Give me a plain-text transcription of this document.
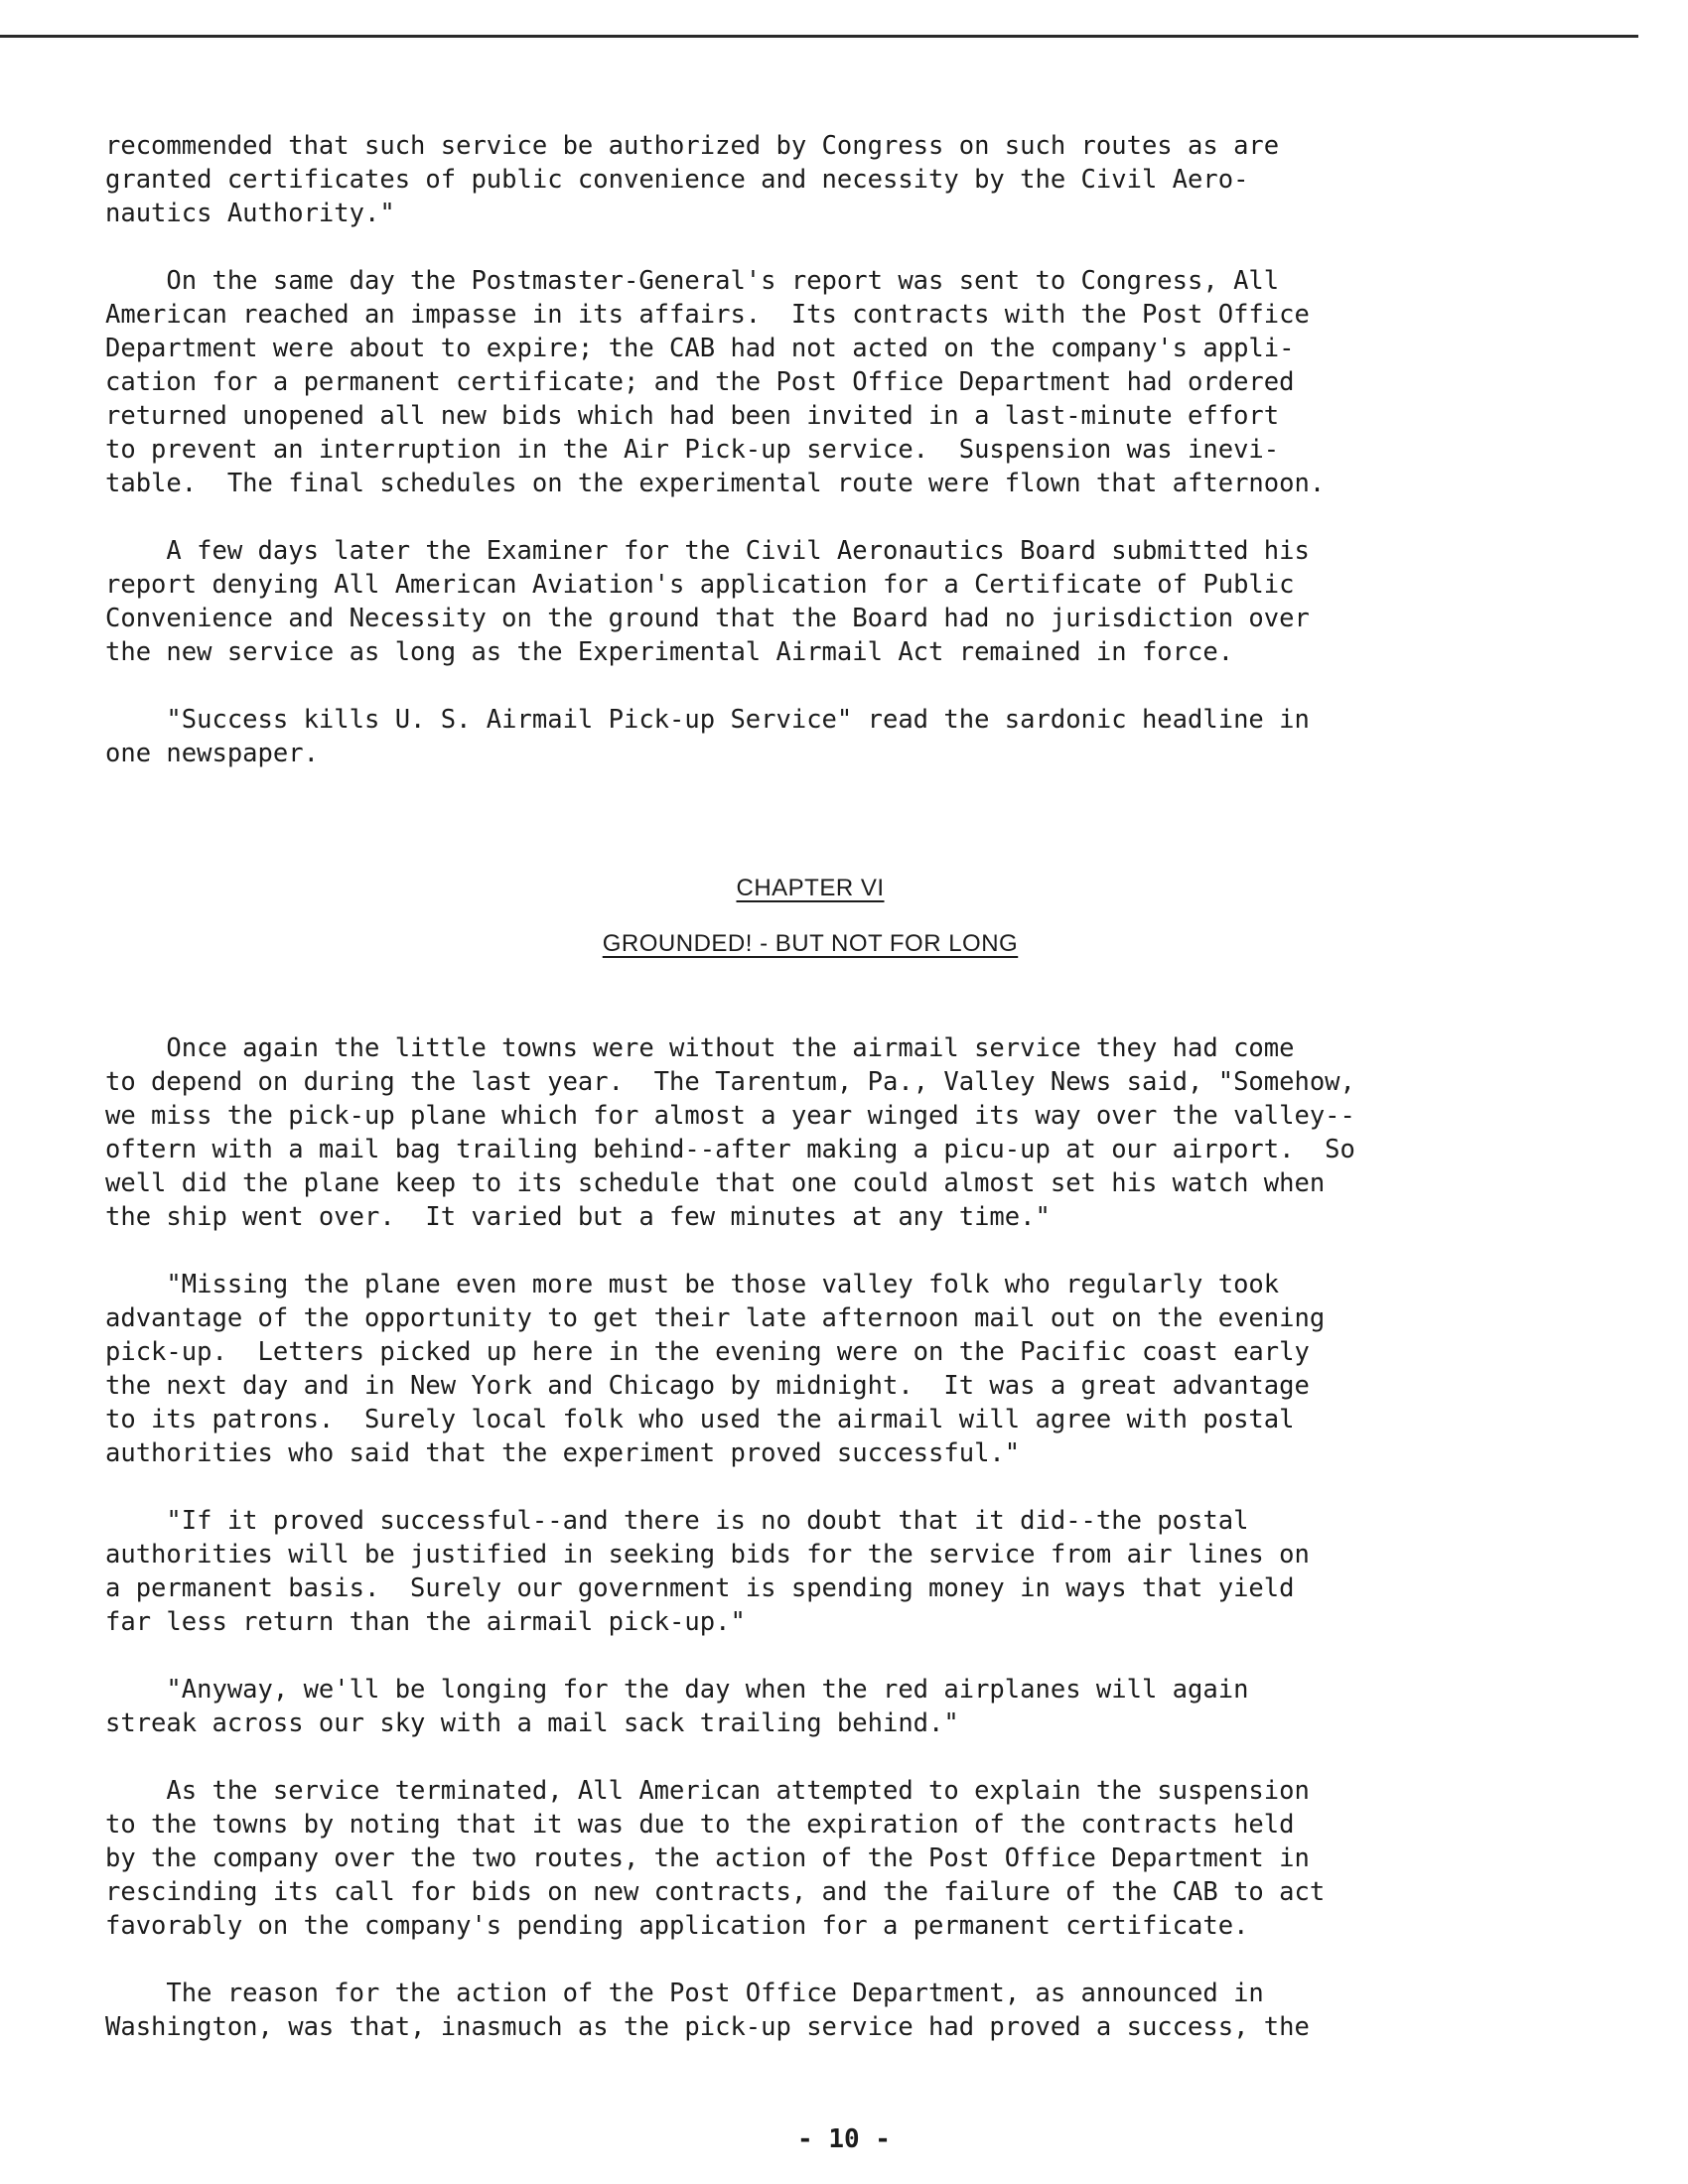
recommended that such service be authorized by Congress on such routes as are
granted certificates of public convenience and necessity by the Civil Aero-
nautics Authority."

On the same day the Postmaster-General's report was sent to Congress, All
American reached an impasse in its affairs.  Its contracts with the Post Office
Department were about to expire; the CAB had not acted on the company's appli-
cation for a permanent certificate; and the Post Office Department had ordered
returned unopened all new bids which had been invited in a last-minute effort
to prevent an interruption in the Air Pick-up service.  Suspension was inevi-
table.  The final schedules on the experimental route were flown that afternoon.

A few days later the Examiner for the Civil Aeronautics Board submitted his
report denying All American Aviation's application for a Certificate of Public
Convenience and Necessity on the ground that the Board had no jurisdiction over
the new service as long as the Experimental Airmail Act remained in force.

"Success kills U. S. Airmail Pick-up Service" read the sardonic headline in
one newspaper.

CHAPTER VI

GROUNDED! - BUT NOT FOR LONG

Once again the little towns were without the airmail service they had come
to depend on during the last year.  The Tarentum, Pa., Valley News said, "Somehow,
we miss the pick-up plane which for almost a year winged its way over the valley--
oftern with a mail bag trailing behind--after making a picu-up at our airport.  So
well did the plane keep to its schedule that one could almost set his watch when
the ship went over.  It varied but a few minutes at any time."

"Missing the plane even more must be those valley folk who regularly took
advantage of the opportunity to get their late afternoon mail out on the evening
pick-up.  Letters picked up here in the evening were on the Pacific coast early
the next day and in New York and Chicago by midnight.  It was a great advantage
to its patrons.  Surely local folk who used the airmail will agree with postal
authorities who said that the experiment proved successful."

"If it proved successful--and there is no doubt that it did--the postal
authorities will be justified in seeking bids for the service from air lines on
a permanent basis.  Surely our government is spending money in ways that yield
far less return than the airmail pick-up."

"Anyway, we'll be longing for the day when the red airplanes will again
streak across our sky with a mail sack trailing behind."

As the service terminated, All American attempted to explain the suspension
to the towns by noting that it was due to the expiration of the contracts held
by the company over the two routes, the action of the Post Office Department in
rescinding its call for bids on new contracts, and the failure of the CAB to act
favorably on the company's pending application for a permanent certificate.

The reason for the action of the Post Office Department, as announced in
Washington, was that, inasmuch as the pick-up service had proved a success, the

- 10 -
